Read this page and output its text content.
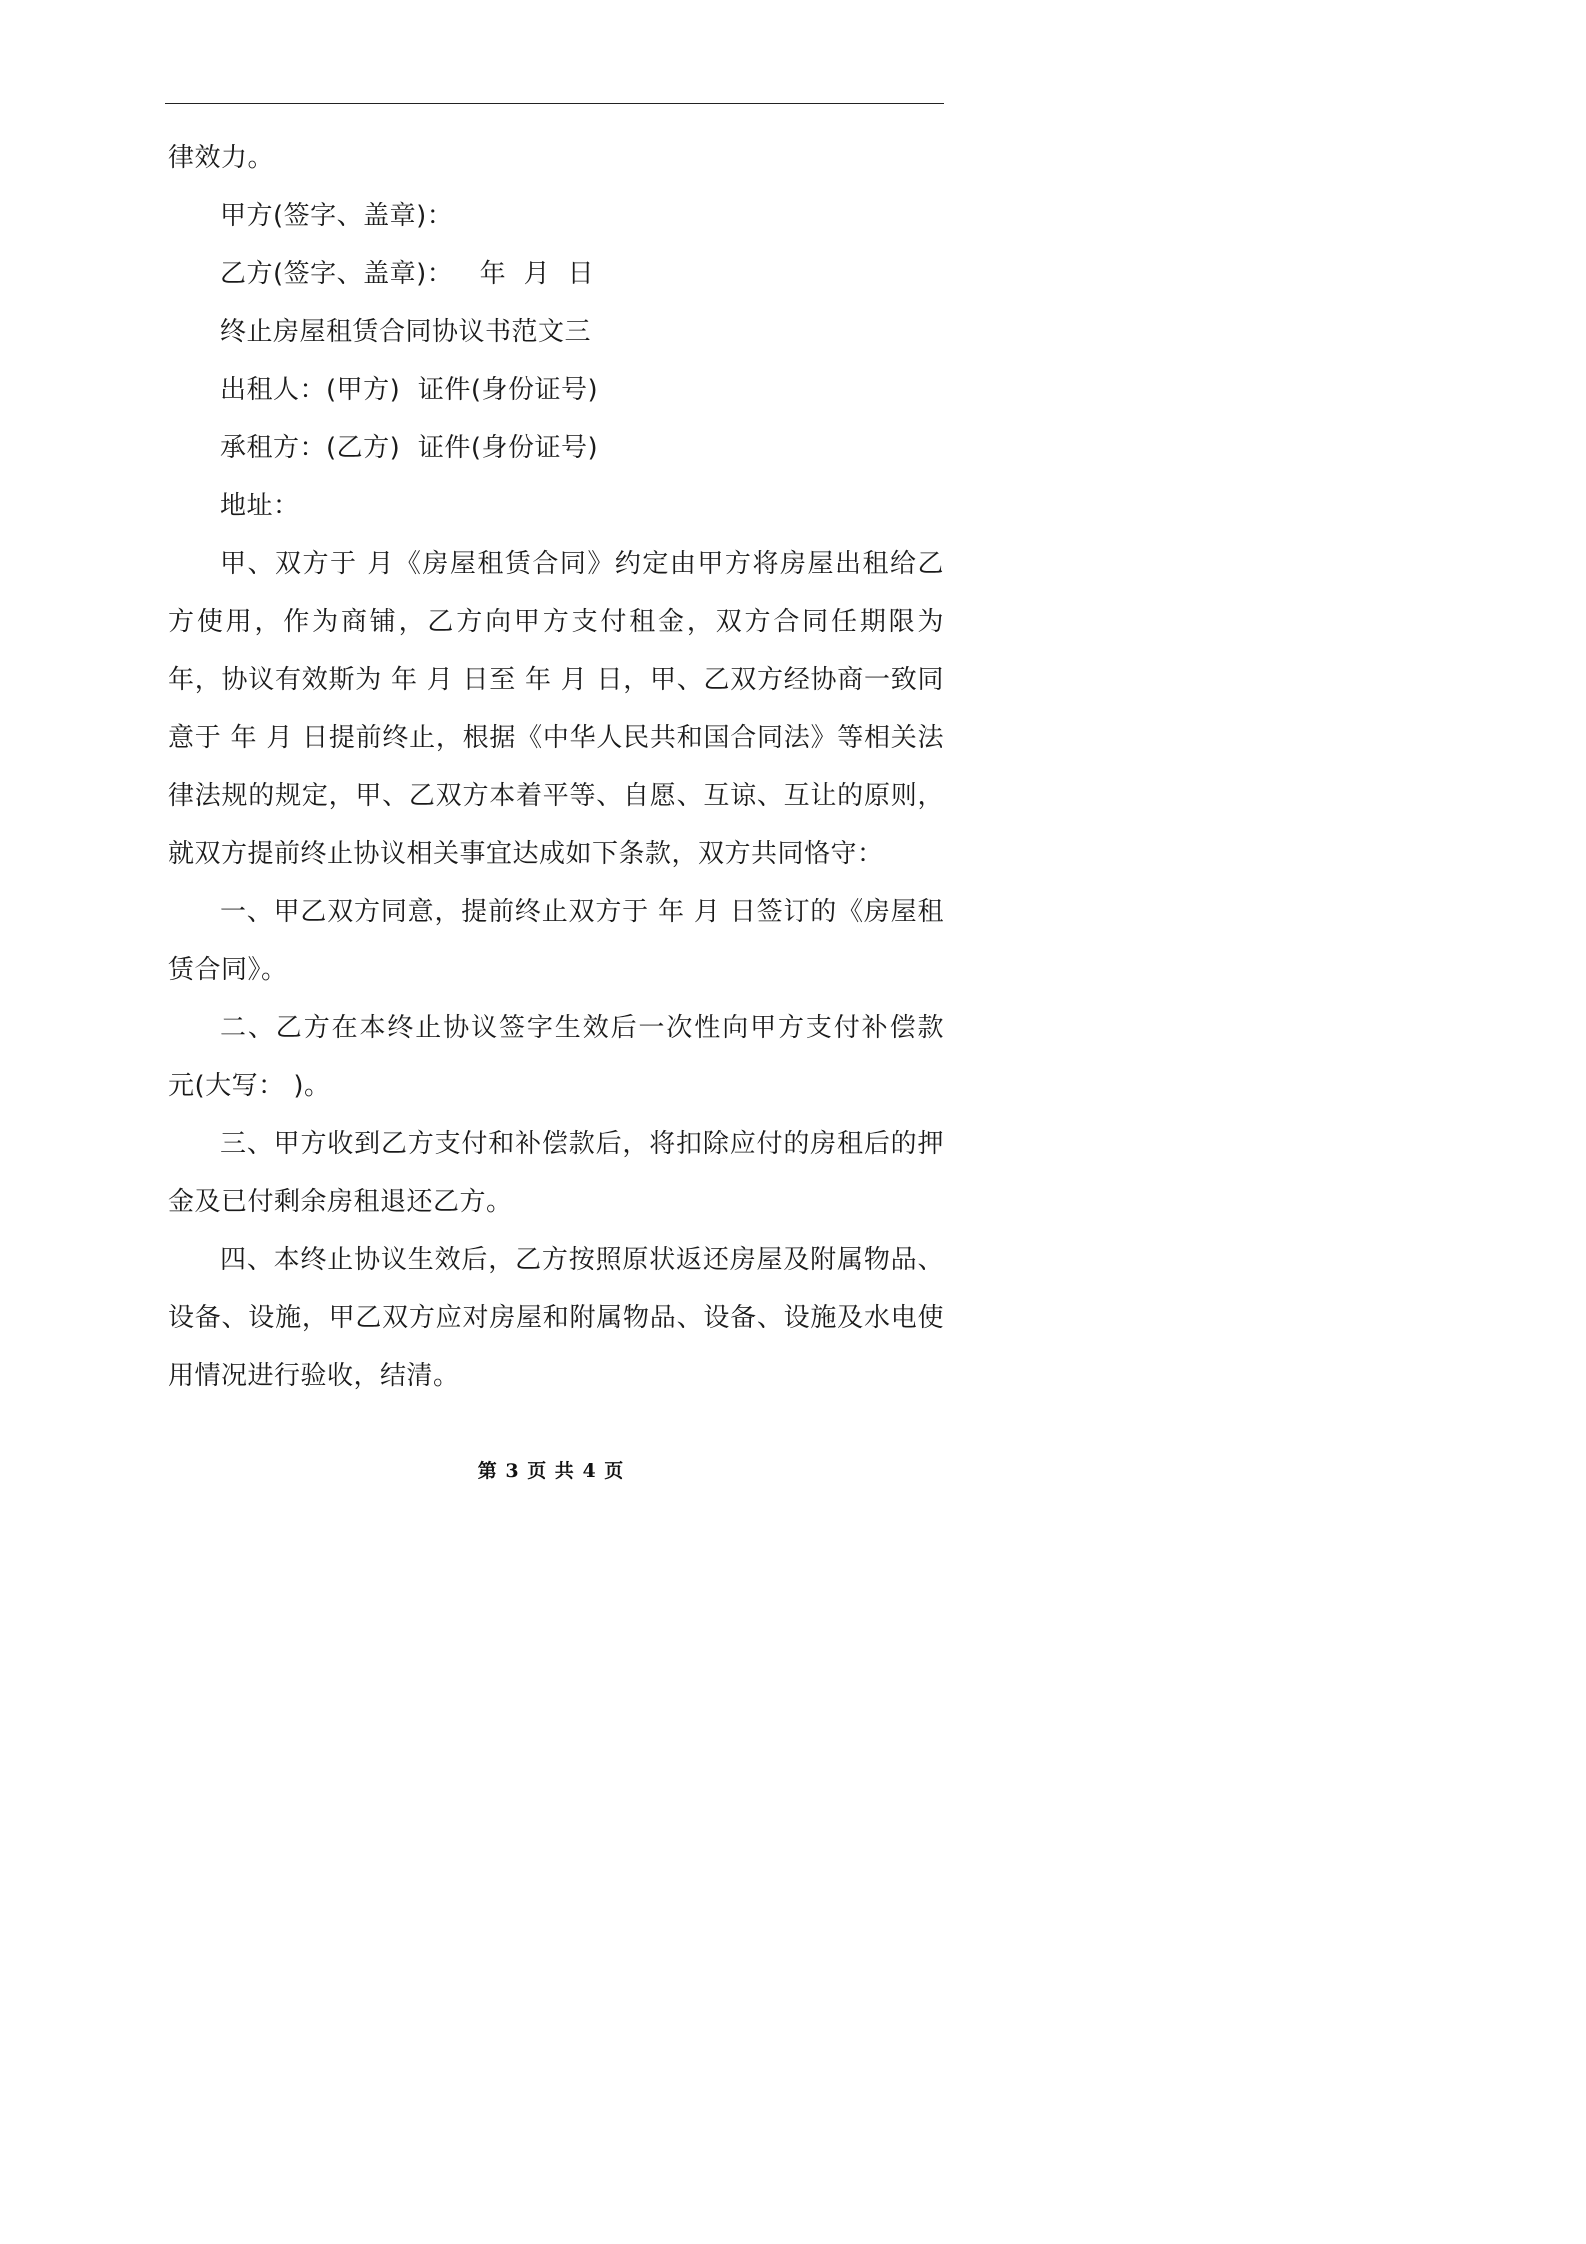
律效力。

甲方(签字、盖章)：

乙方(签字、盖章)：   年  月  日

终止房屋租赁合同协议书范文三

出租人：(甲方)  证件(身份证号)

承租方：(乙方)  证件(身份证号)

地址：

甲、双方于 月《房屋租赁合同》约定由甲方将房屋出租给乙方使用，作为商铺，乙方向甲方支付租金，双方合同任期限为 年，协议有效斯为 年 月 日至 年 月 日，甲、乙双方经协商一致同意于 年 月 日提前终止，根据《中华人民共和国合同法》等相关法律法规的规定，甲、乙双方本着平等、自愿、互谅、互让的原则，就双方提前终止协议相关事宜达成如下条款，双方共同恪守：

一、甲乙双方同意，提前终止双方于 年 月 日签订的《房屋租赁合同》。

二、乙方在本终止协议签字生效后一次性向甲方支付补偿款 元(大写： )。

三、甲方收到乙方支付和补偿款后，将扣除应付的房租后的押金及已付剩余房租退还乙方。

四、本终止协议生效后，乙方按照原状返还房屋及附属物品、设备、设施，甲乙双方应对房屋和附属物品、设备、设施及水电使用情况进行验收，结清。

第 3 页 共 4 页
